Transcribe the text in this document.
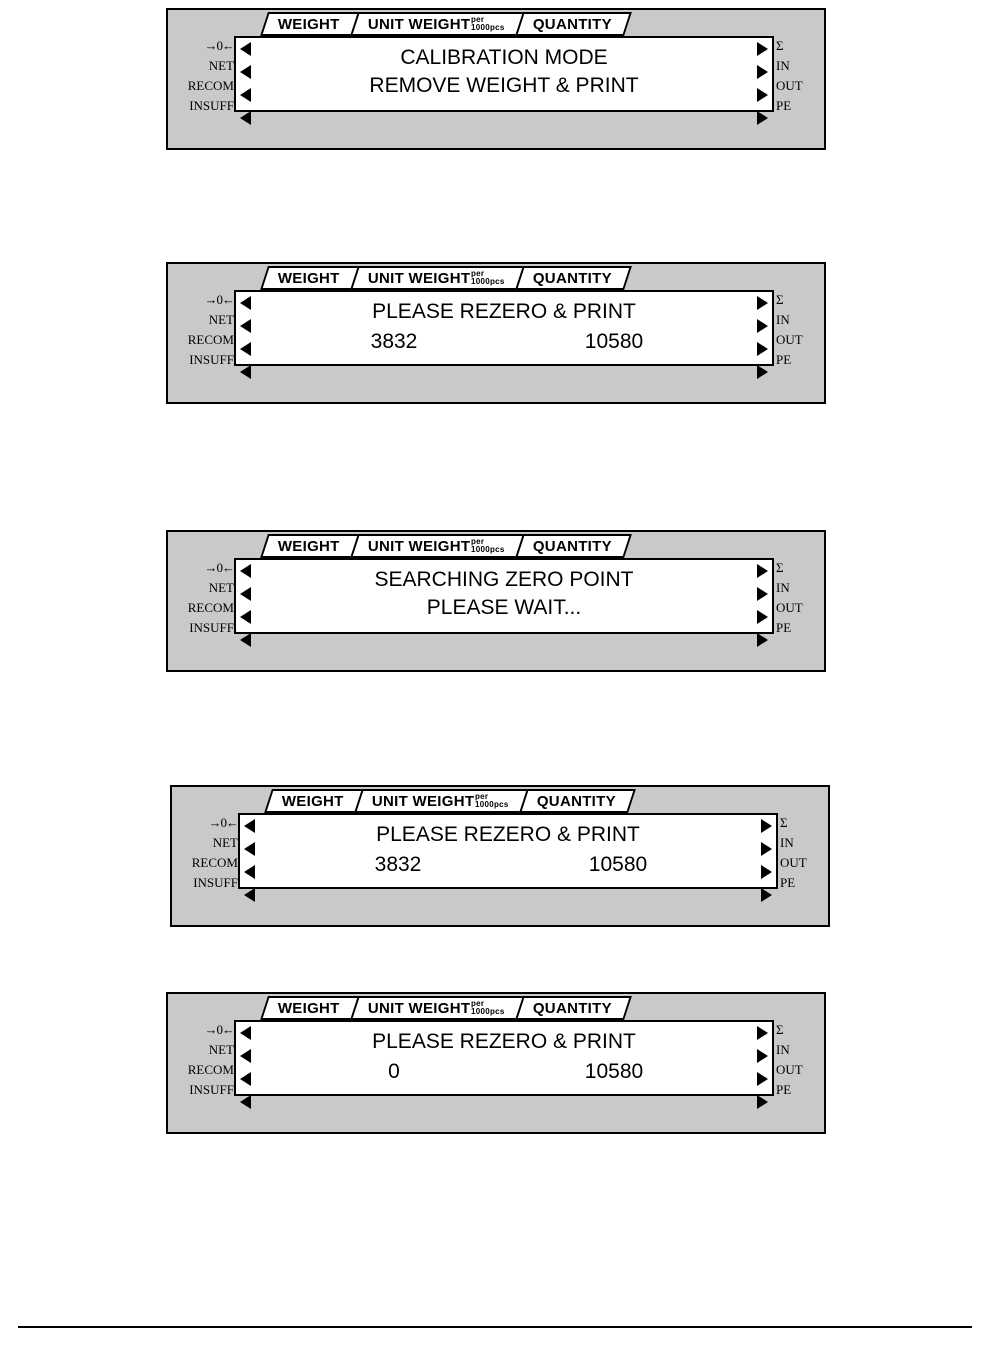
WEIGHT UNIT WEIGHT per
1000pcs QUANTITY
→0←
NET
RECOM
INSUFF
Σ
IN
OUT
PE
CALIBRATION MODE
REMOVE WEIGHT & PRINT
WEIGHT UNIT WEIGHT per
1000pcs QUANTITY
→0←
NET
RECOM
INSUFF
Σ
IN
OUT
PE
PLEASE REZERO & PRINT
3832	10580
WEIGHT UNIT WEIGHT per
1000pcs QUANTITY
→0←
NET
RECOM
INSUFF
Σ
IN
OUT
PE
SEARCHING ZERO POINT
PLEASE WAIT...
WEIGHT UNIT WEIGHT per
1000pcs QUANTITY
→0←
NET
RECOM
INSUFF
Σ
IN
OUT
PE
PLEASE REZERO & PRINT
3832	10580
WEIGHT UNIT WEIGHT per
1000pcs QUANTITY
→0←
NET
RECOM
INSUFF
Σ
IN
OUT
PE
PLEASE REZERO & PRINT
0	10580
